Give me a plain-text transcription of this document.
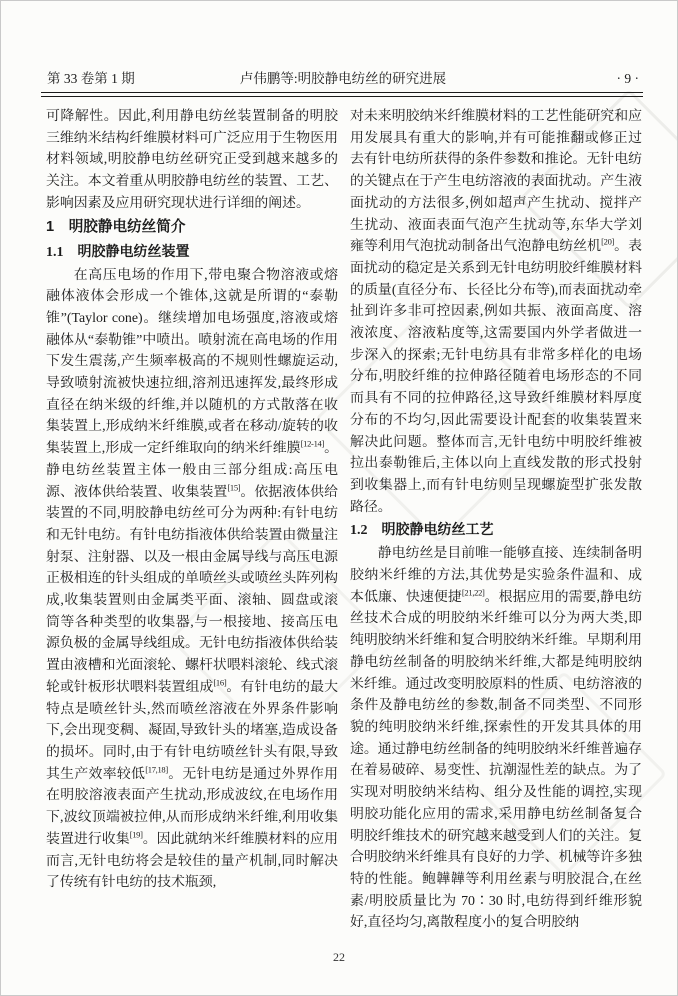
第 33 卷第 1 期	卢伟鹏等:明胶静电纺丝的研究进展	· 9 ·
可降解性。因此,利用静电纺丝装置制备的明胶三维纳米结构纤维膜材料可广泛应用于生物医用材料领域,明胶静电纺丝研究正受到越来越多的关注。本文着重从明胶静电纺丝的装置、工艺、影响因素及应用研究现状进行详细的阐述。
1　明胶静电纺丝简介
1.1　明胶静电纺丝装置
在高压电场的作用下,带电聚合物溶液或熔融体液体会形成一个锥体,这就是所谓的“泰勒锥”(Taylor cone)。继续增加电场强度,溶液或熔融体从“泰勒锥”中喷出。喷射流在高电场的作用下发生震荡,产生频率极高的不规则性螺旋运动,导致喷射流被快速拉细,溶剂迅速挥发,最终形成直径在纳米级的纤维,并以随机的方式散落在收集装置上,形成纳米纤维膜,或者在移动/旋转的收集装置上,形成一定纤维取向的纳米纤维膜[12-14]。静电纺丝装置主体一般由三部分组成:高压电源、液体供给装置、收集装置[15]。依据液体供给装置的不同,明胶静电纺丝可分为两种:有针电纺和无针电纺。有针电纺指液体供给装置由微量注射泵、注射器、以及一根由金属导线与高压电源正极相连的针头组成的单喷丝头或喷丝头阵列构成,收集装置则由金属类平面、滚轴、圆盘或滚筒等各种类型的收集器,与一根接地、接高压电源负极的金属导线组成。无针电纺指液体供给装置由液槽和光面滚轮、螺杆状喂料滚轮、线式滚轮或针板形状喂料装置组成[16]。有针电纺的最大特点是喷丝针头,然而喷丝溶液在外界条件影响下,会出现变稠、凝固,导致针头的堵塞,造成设备的损坏。同时,由于有针电纺喷丝针头有限,导致其生产效率较低[17,18]。无针电纺是通过外界作用在明胶溶液表面产生扰动,形成波纹,在电场作用下,波纹顶端被拉伸,从而形成纳米纤维,利用收集装置进行收集[19]。因此就纳米纤维膜材料的应用而言,无针电纺将会是较佳的量产机制,同时解决了传统有针电纺的技术瓶颈,
对未来明胶纳米纤维膜材料的工艺性能研究和应用发展具有重大的影响,并有可能推翻或修正过去有针电纺所获得的条件参数和推论。无针电纺的关键点在于产生电纺溶液的表面扰动。产生液面扰动的方法很多,例如超声产生扰动、搅拌产生扰动、液面表面气泡产生扰动等,东华大学刘雍等利用气泡扰动制备出气泡静电纺丝机[20]。表面扰动的稳定是关系到无针电纺明胶纤维膜材料的质量(直径分布、长径比分布等),而表面扰动牵扯到许多非可控因素,例如共振、液面高度、溶液浓度、溶液粘度等,这需要国内外学者做进一步深入的探索;无针电纺具有非常多样化的电场分布,明胶纤维的拉伸路径随着电场形态的不同而具有不同的拉伸路径,这导致纤维膜材料厚度分布的不均匀,因此需要设计配套的收集装置来解决此问题。整体而言,无针电纺中明胶纤维被拉出泰勒锥后,主体以向上直线发散的形式投射到收集器上,而有针电纺则呈现螺旋型扩张发散路径。
1.2　明胶静电纺丝工艺
静电纺丝是目前唯一能够直接、连续制备明胶纳米纤维的方法,其优势是实验条件温和、成本低廉、快速便捷[21,22]。根据应用的需要,静电纺丝技术合成的明胶纳米纤维可以分为两大类,即纯明胶纳米纤维和复合明胶纳米纤维。早期利用静电纺丝制备的明胶纳米纤维,大都是纯明胶纳米纤维。通过改变明胶原料的性质、电纺溶液的条件及静电纺丝的参数,制备不同类型、不同形貌的纯明胶纳米纤维,探索性的开发其具体的用途。通过静电纺丝制备的纯明胶纳米纤维普遍存在着易破碎、易变性、抗潮湿性差的缺点。为了实现对明胶纳米结构、组分及性能的调控,实现明胶功能化应用的需求,采用静电纺丝制备复合明胶纤维技术的研究越来越受到人们的关注。复合明胶纳米纤维具有良好的力学、机械等许多独特的性能。鲍韡韡等利用丝素与明胶混合,在丝素/明胶质量比为 70∶30 时,电纺得到纤维形貌好,直径均匀,离散程度小的复合明胶纳
22
